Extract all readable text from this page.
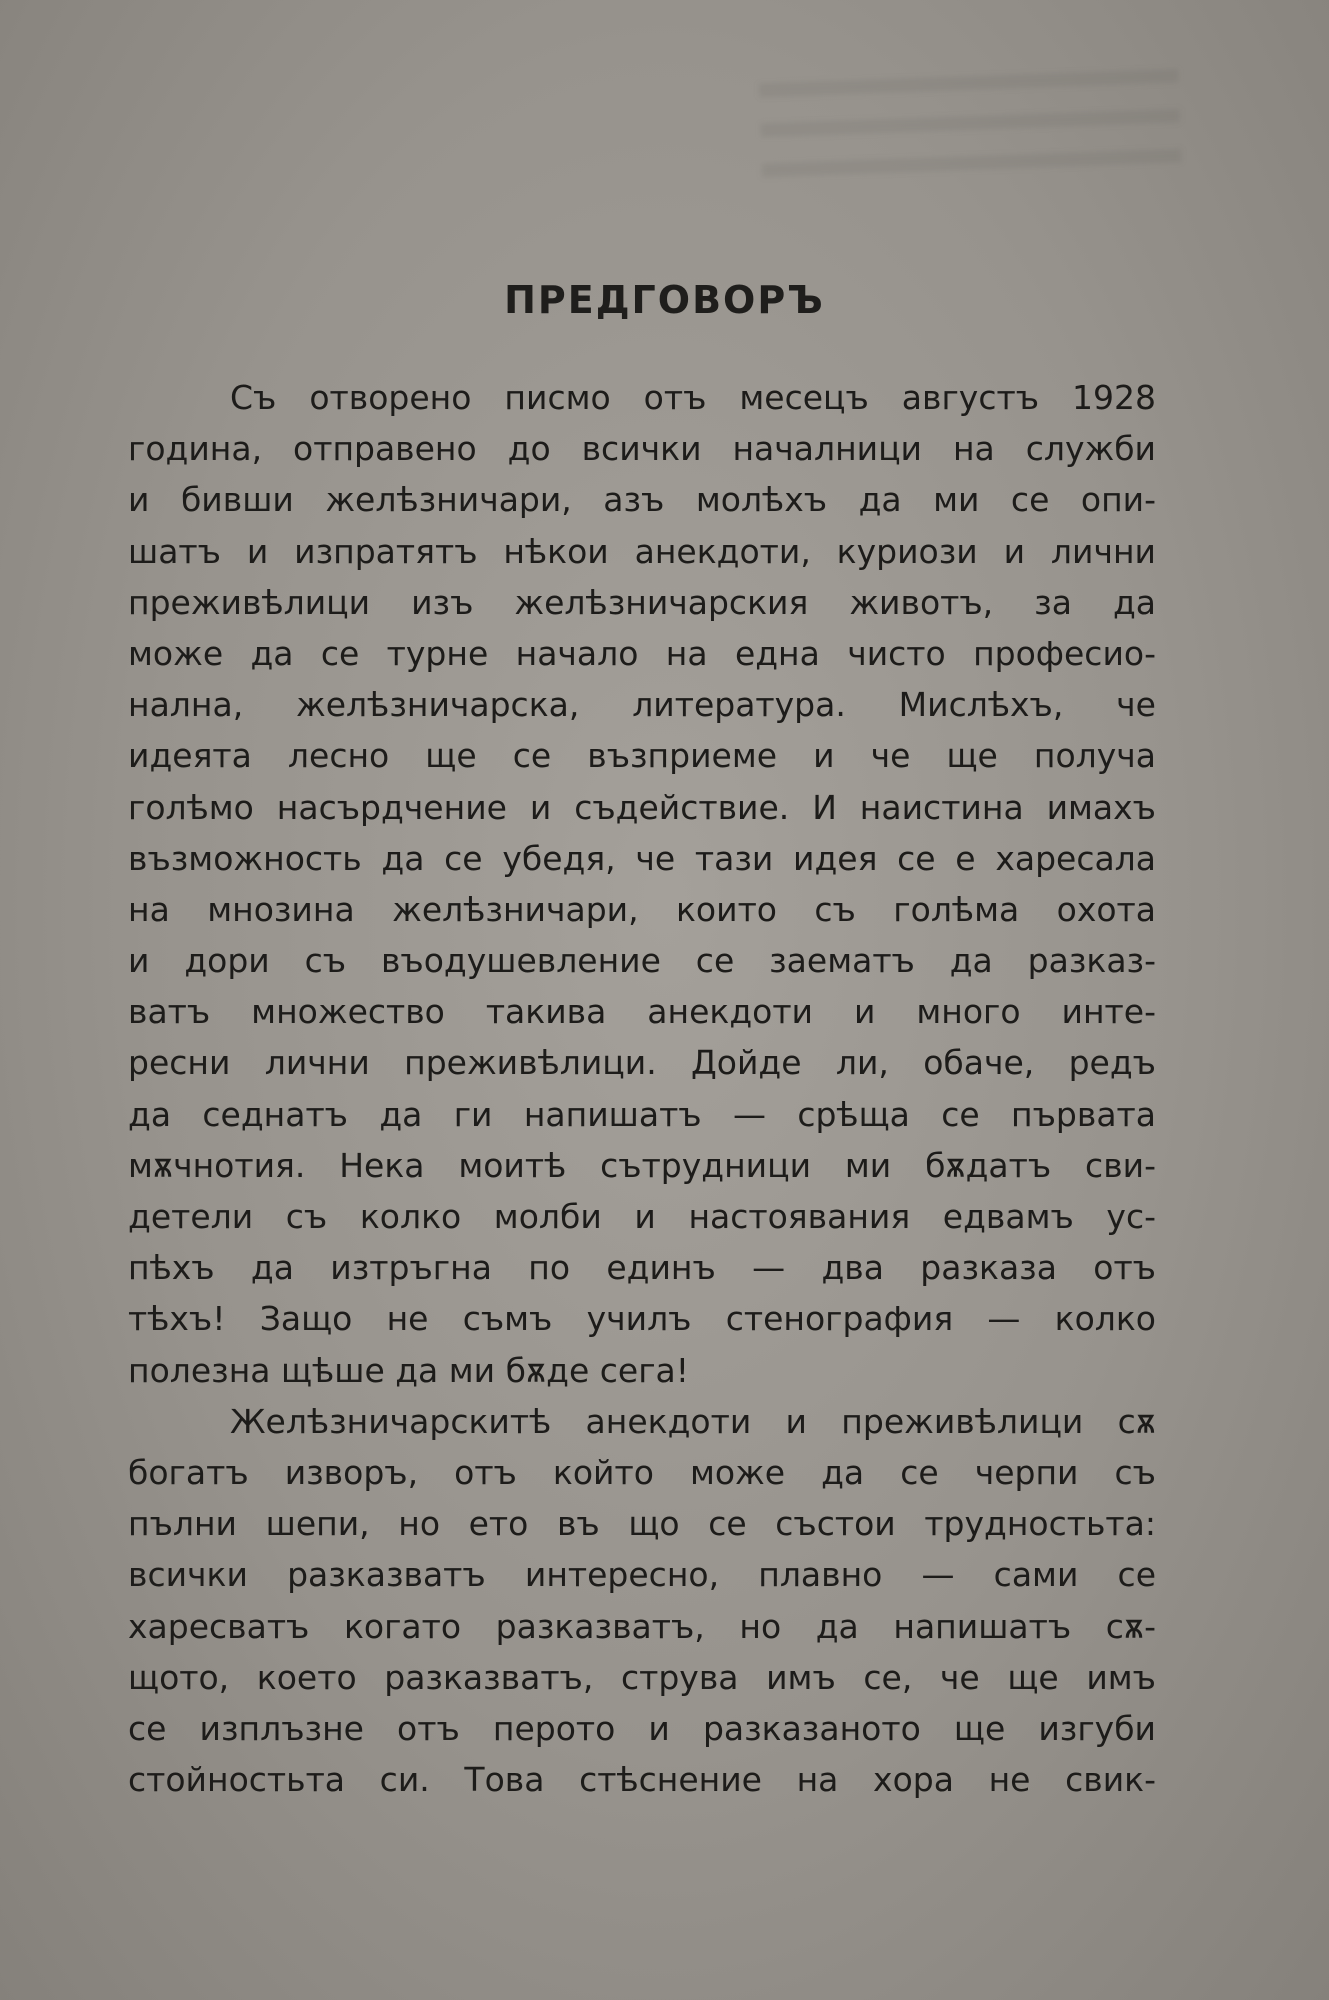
ПРЕДГОВОРЪ
Съ отворено писмо отъ месецъ августъ 1928
година, отправено до всички началници на служби
и бивши желѣзничари, азъ молѣхъ да ми се опи-
шатъ и изпратятъ нѣкои анекдоти, куриози и лични
преживѣлици изъ желѣзничарския животъ, за да
може да се турне начало на една чисто професио-
нална, желѣзничарска, литература. Мислѣхъ, че
идеята лесно ще се възприеме и че ще получа
голѣмо насърдчение и съдействие. И наистина имахъ
възможность да се убедя, че тази идея се е харесала
на мнозина желѣзничари, които съ голѣма охота
и дори съ въодушевление се заематъ да разказ-
ватъ множество такива анекдоти и много инте-
ресни лични преживѣлици. Дойде ли, обаче, редъ
да седнатъ да ги напишатъ — срѣща се първата
мѫчнотия. Нека моитѣ сътрудници ми бѫдатъ сви-
детели съ колко молби и настоявания едвамъ ус-
пѣхъ да изтръгна по единъ — два разказа отъ
тѣхъ! Защо не съмъ училъ стенография — колко
полезна щѣше да ми бѫде сега!
Желѣзничарскитѣ анекдоти и преживѣлици сѫ
богатъ изворъ, отъ който може да се черпи съ
пълни шепи, но ето въ що се състои трудностьта:
всички разказватъ интересно, плавно — сами се
харесватъ когато разказватъ, но да напишатъ сѫ-
щото, което разказватъ, струва имъ се, че ще имъ
се изплъзне отъ перото и разказаното ще изгуби
стойностьта си. Това стѣснение на хора не свик-
